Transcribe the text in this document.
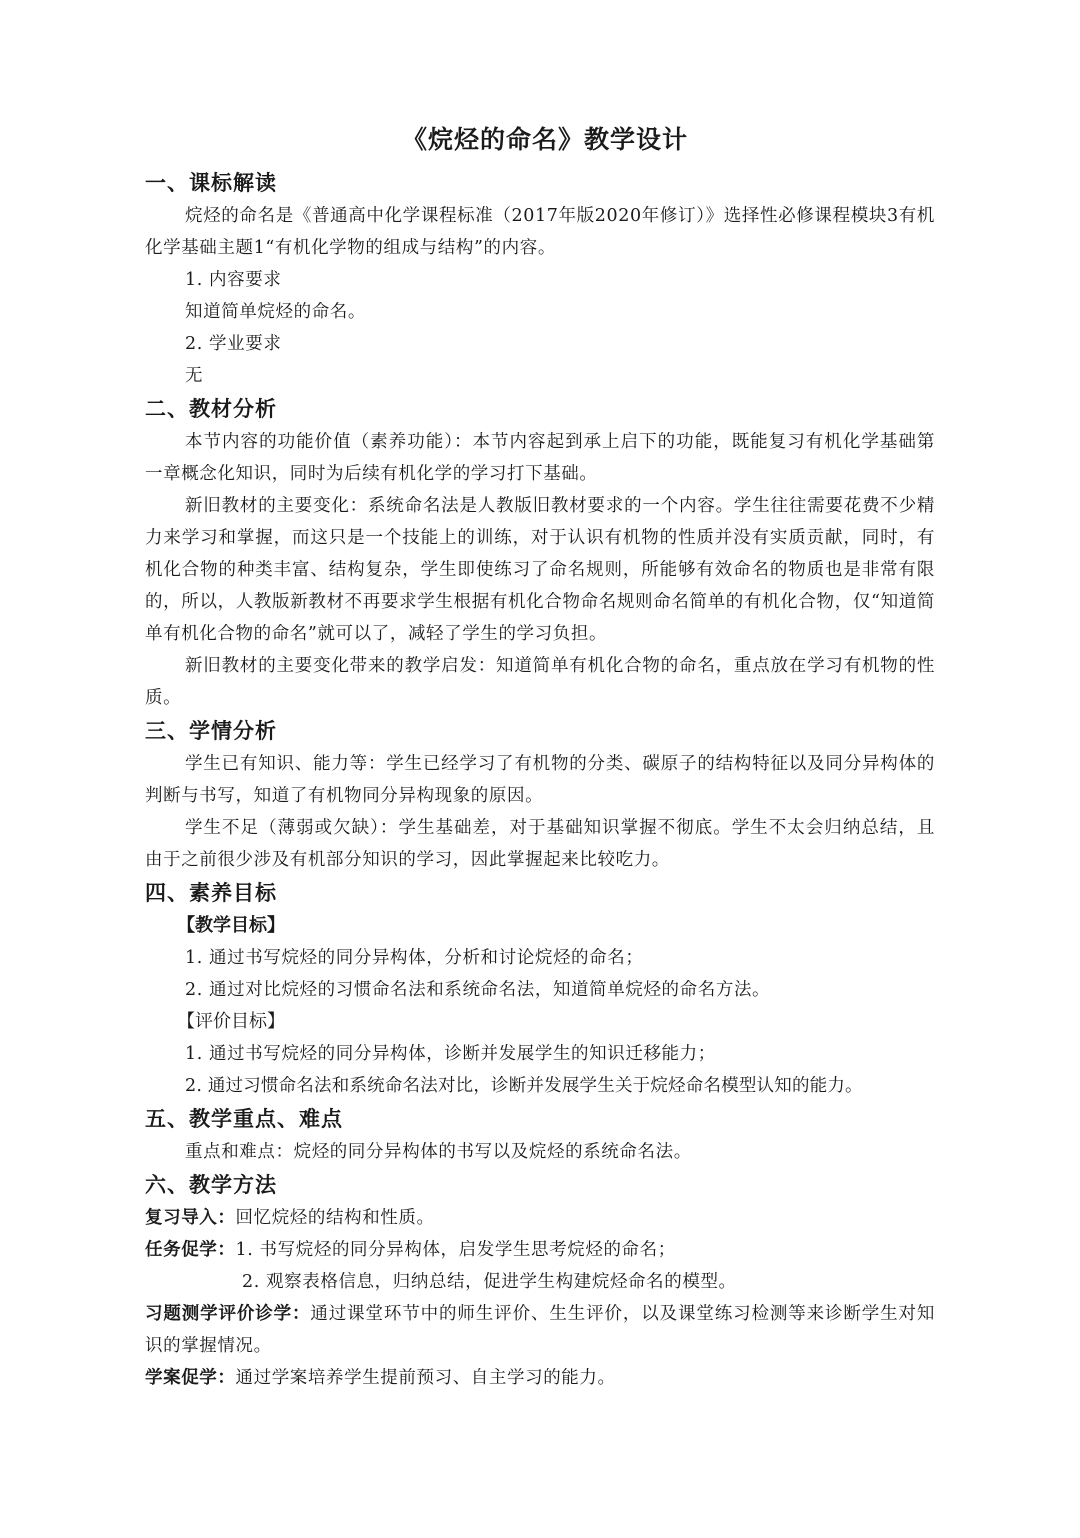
《烷烃的命名》教学设计
一、课标解读

烷烃的命名是《普通高中化学课程标准（2017年版2020年修订）》选择性必修课程模块3有机化学基础主题1“有机化学物的组成与结构”的内容。

1. 内容要求

知道简单烷烃的命名。

2. 学业要求

无

二、教材分析

本节内容的功能价值（素养功能）：本节内容起到承上启下的功能，既能复习有机化学基础第一章概念化知识，同时为后续有机化学的学习打下基础。

新旧教材的主要变化：系统命名法是人教版旧教材要求的一个内容。学生往往需要花费不少精力来学习和掌握，而这只是一个技能上的训练，对于认识有机物的性质并没有实质贡献，同时，有机化合物的种类丰富、结构复杂，学生即使练习了命名规则，所能够有效命名的物质也是非常有限的，所以，人教版新教材不再要求学生根据有机化合物命名规则命名简单的有机化合物，仅“知道简单有机化合物的命名”就可以了，减轻了学生的学习负担。

新旧教材的主要变化带来的教学启发：知道简单有机化合物的命名，重点放在学习有机物的性质。

三、学情分析

学生已有知识、能力等：学生已经学习了有机物的分类、碳原子的结构特征以及同分异构体的判断与书写，知道了有机物同分异构现象的原因。

学生不足（薄弱或欠缺）：学生基础差，对于基础知识掌握不彻底。学生不太会归纳总结，且由于之前很少涉及有机部分知识的学习，因此掌握起来比较吃力。

四、素养目标

【教学目标】

1. 通过书写烷烃的同分异构体，分析和讨论烷烃的命名；

2. 通过对比烷烃的习惯命名法和系统命名法，知道简单烷烃的命名方法。

【评价目标】

1. 通过书写烷烃的同分异构体，诊断并发展学生的知识迁移能力；

2. 通过习惯命名法和系统命名法对比，诊断并发展学生关于烷烃命名模型认知的能力。

五、教学重点、难点

重点和难点：烷烃的同分异构体的书写以及烷烃的系统命名法。

六、教学方法

复习导入：回忆烷烃的结构和性质。

任务促学：1. 书写烷烃的同分异构体，启发学生思考烷烃的命名；

2. 观察表格信息，归纳总结，促进学生构建烷烃命名的模型。

习题测学评价诊学：通过课堂环节中的师生评价、生生评价，以及课堂练习检测等来诊断学生对知识的掌握情况。

学案促学：通过学案培养学生提前预习、自主学习的能力。
